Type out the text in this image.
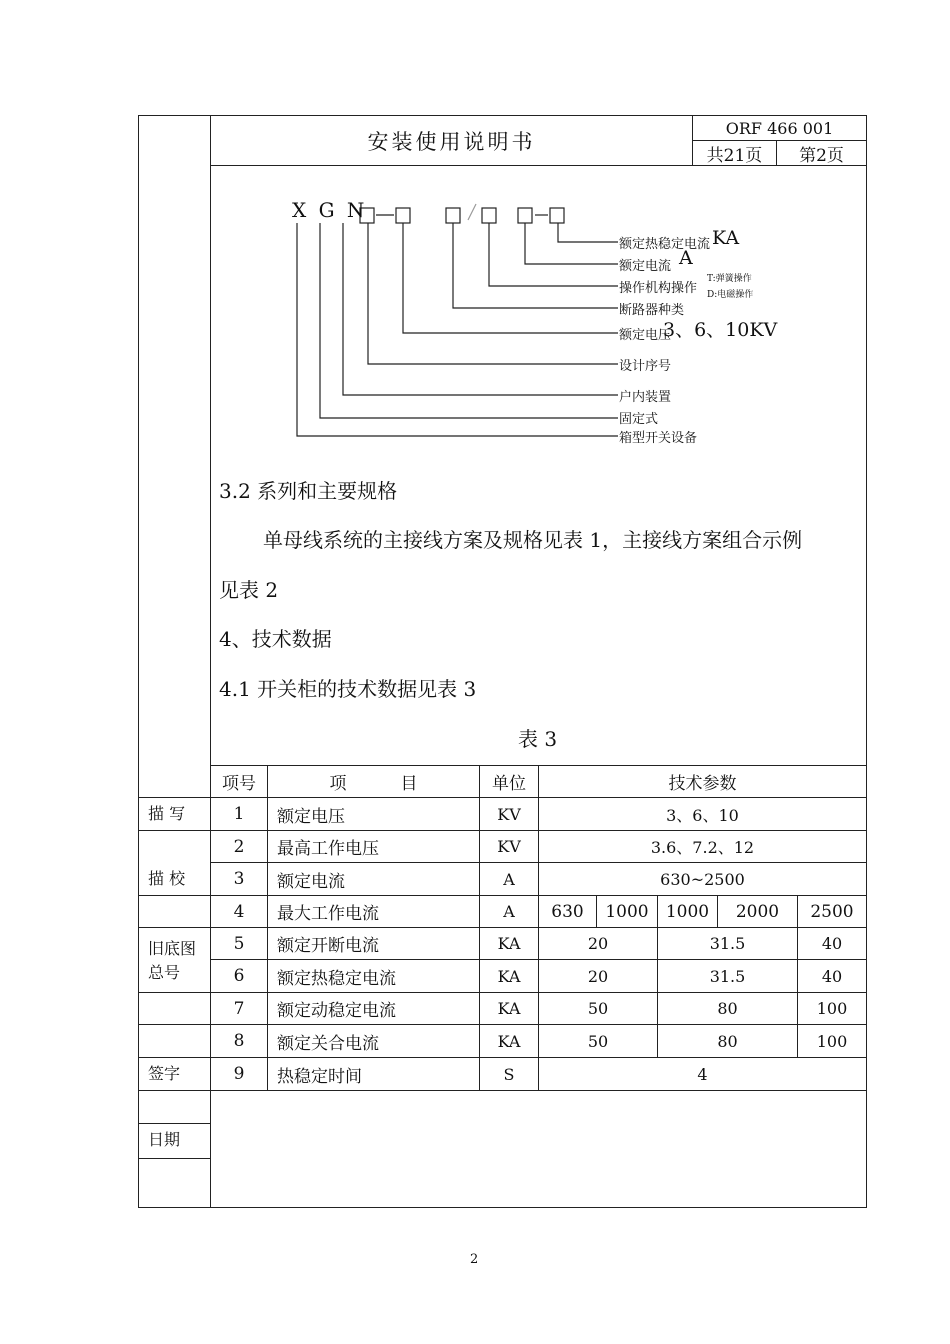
安装使用说明书
ORF 466 001
共21页	第2页
X G N
额定热稳定电流
额定电流
操作机构操作
断路器种类
额定电压
设计序号
户内装置
固定式
箱型开关设备
KA
A
T:弹簧操作
D:电磁操作
3、6、10KV
3.2 系列和主要规格
单母线系统的主接线方案及规格见表 1，主接线方案组合示例
见表 2
4、技术数据
4.1 开关柜的技术数据见表 3
表 3
项号	项          目	单位	技术参数
1	额定电压	KV	3、6、10
2	最高工作电压	KV	3.6、7.2、12
3	额定电流	A	630~2500
4	最大工作电流	A	630	1000	1000	2000	2500
5	额定开断电流	KA	20	31.5	40
6	额定热稳定电流	KA	20	31.5	40
7	额定动稳定电流	KA	50	80	100
8	额定关合电流	KA	50	80	100
9	热稳定时间	S	4
描 写
描 校
旧底图
总号
签字
日期
2
